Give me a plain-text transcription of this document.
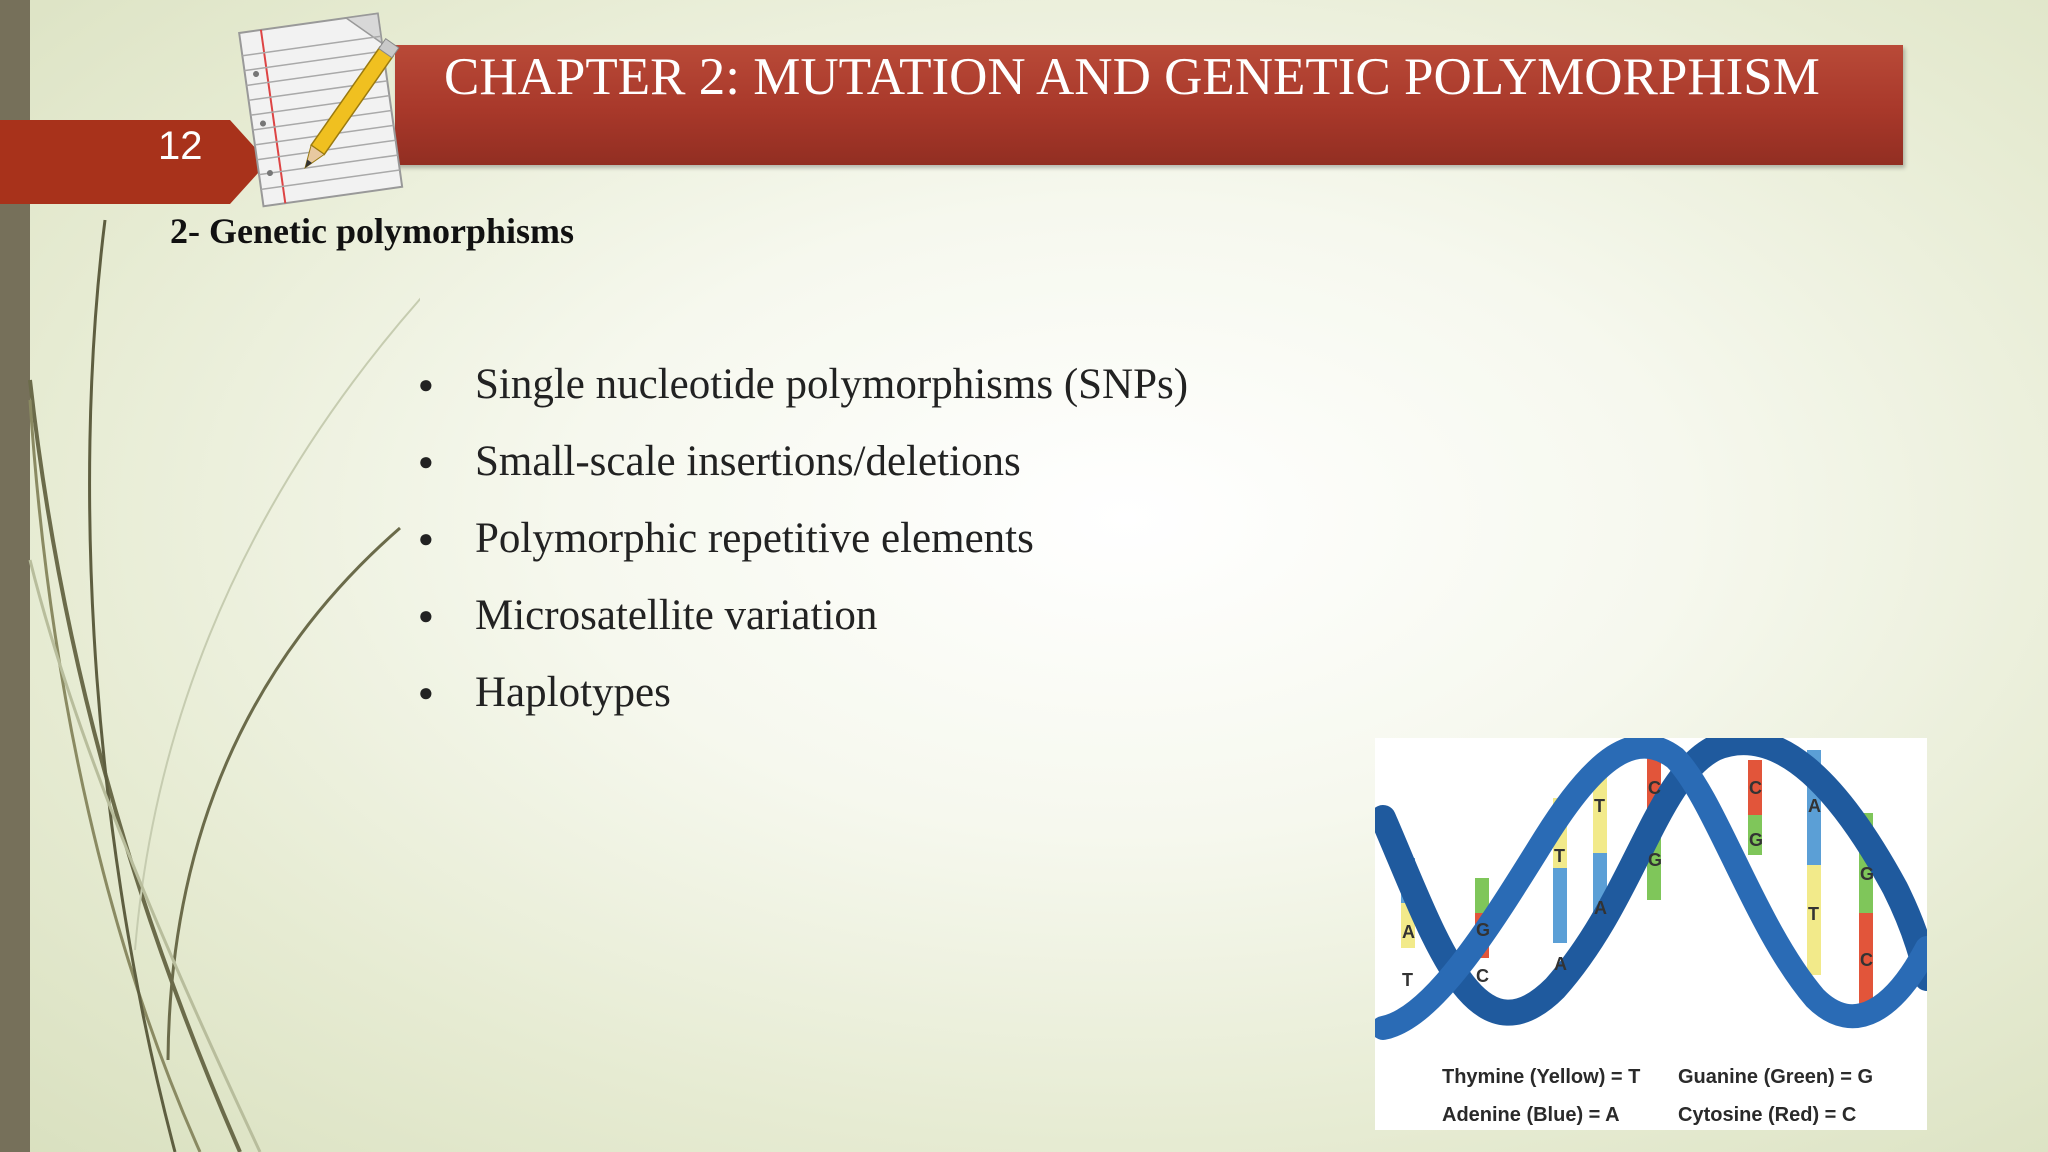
CHAPTER 2: MUTATION AND GENETIC POLYMORPHISM
12
2- Genetic polymorphisms
● Single nucleotide polymorphisms (SNPs)
● Small-scale insertions/deletions
● Polymorphic repetitive elements
● Microsatellite variation
● Haplotypes
A
T
G
C
A
T
T
A
C
G
C
G
A
T
G
C
Thymine (Yellow) = T Guanine (Green) = G
Adenine (Blue) = A	Cytosine (Red) = C
